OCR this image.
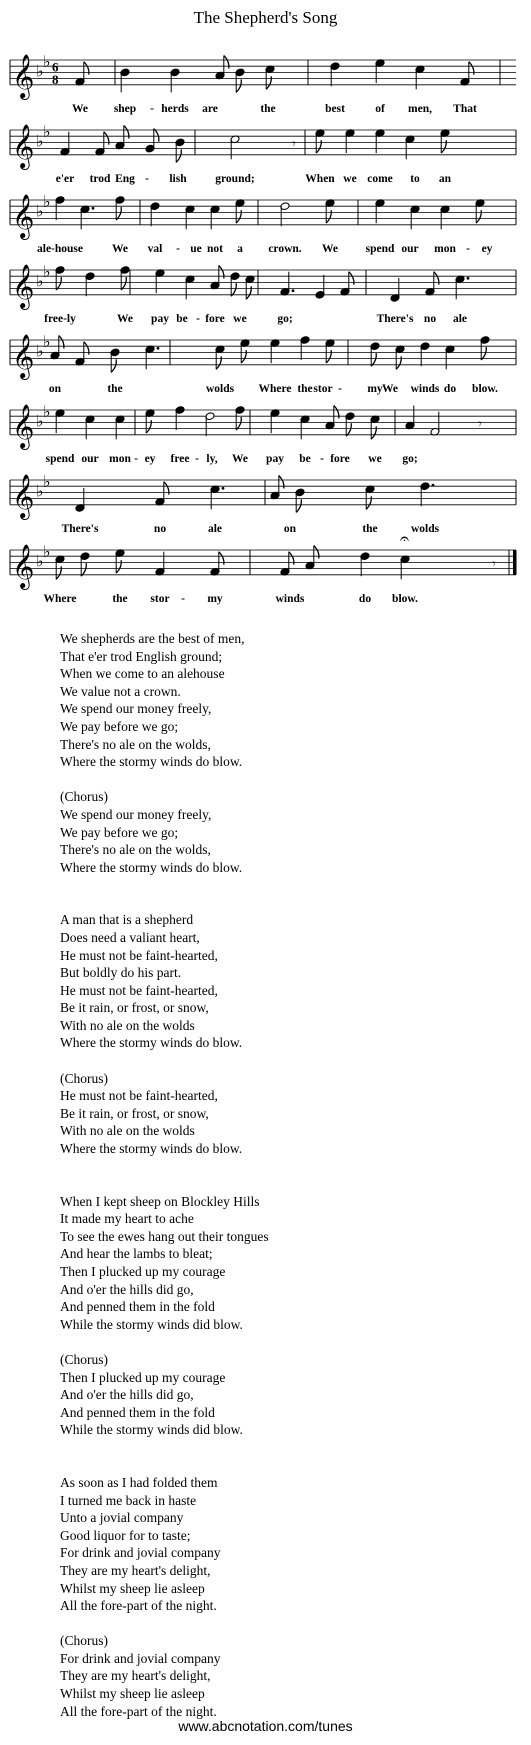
The Shepherd's Song
𝄞 ♭ ♭ 6
8
We shep - herds are	the	best	of men, That
𝄞 ♭ ♭
𝄾
e'er trod Eng - lish ground;	When we come to an
𝄞 ♭ ♭
ale-house	We val - ue not a crown. We spend our mon - ey
𝄞 ♭ ♭
free-ly	We pay be - fore we	go;	There's no ale
𝄞 ♭ ♭
on	the	wolds Where the stor - my winds do blow.
We
𝄞 ♭ ♭
𝄾
spend our mon - ey free - ly, We pay be - fore we go;
𝄞 ♭ ♭
There's	no	ale	on	the	wolds
𝄞 ♭ ♭
𝄾
𝄐
Where	the stor - my	winds	do blow.
We shepherds are the best of men,
That e'er trod English ground;
When we come to an alehouse
We value not a crown.
We spend our money freely,
We pay before we go;
There's no ale on the wolds,
Where the stormy winds do blow.
(Chorus)
We spend our money freely,
We pay before we go;
There's no ale on the wolds,
Where the stormy winds do blow.
A man that is a shepherd
Does need a valiant heart,
He must not be faint-hearted,
But boldly do his part.
He must not be faint-hearted,
Be it rain, or frost, or snow,
With no ale on the wolds
Where the stormy winds do blow.
(Chorus)
He must not be faint-hearted,
Be it rain, or frost, or snow,
With no ale on the wolds
Where the stormy winds do blow.
When I kept sheep on Blockley Hills
It made my heart to ache
To see the ewes hang out their tongues
And hear the lambs to bleat;
Then I plucked up my courage
And o'er the hills did go,
And penned them in the fold
While the stormy winds did blow.
(Chorus)
Then I plucked up my courage
And o'er the hills did go,
And penned them in the fold
While the stormy winds did blow.
As soon as I had folded them
I turned me back in haste
Unto a jovial company
Good liquor for to taste;
For drink and jovial company
They are my heart's delight,
Whilst my sheep lie asleep
All the fore-part of the night.
(Chorus)
For drink and jovial company
They are my heart's delight,
Whilst my sheep lie asleep
All the fore-part of the night.
www.abcnotation.com/tunes
